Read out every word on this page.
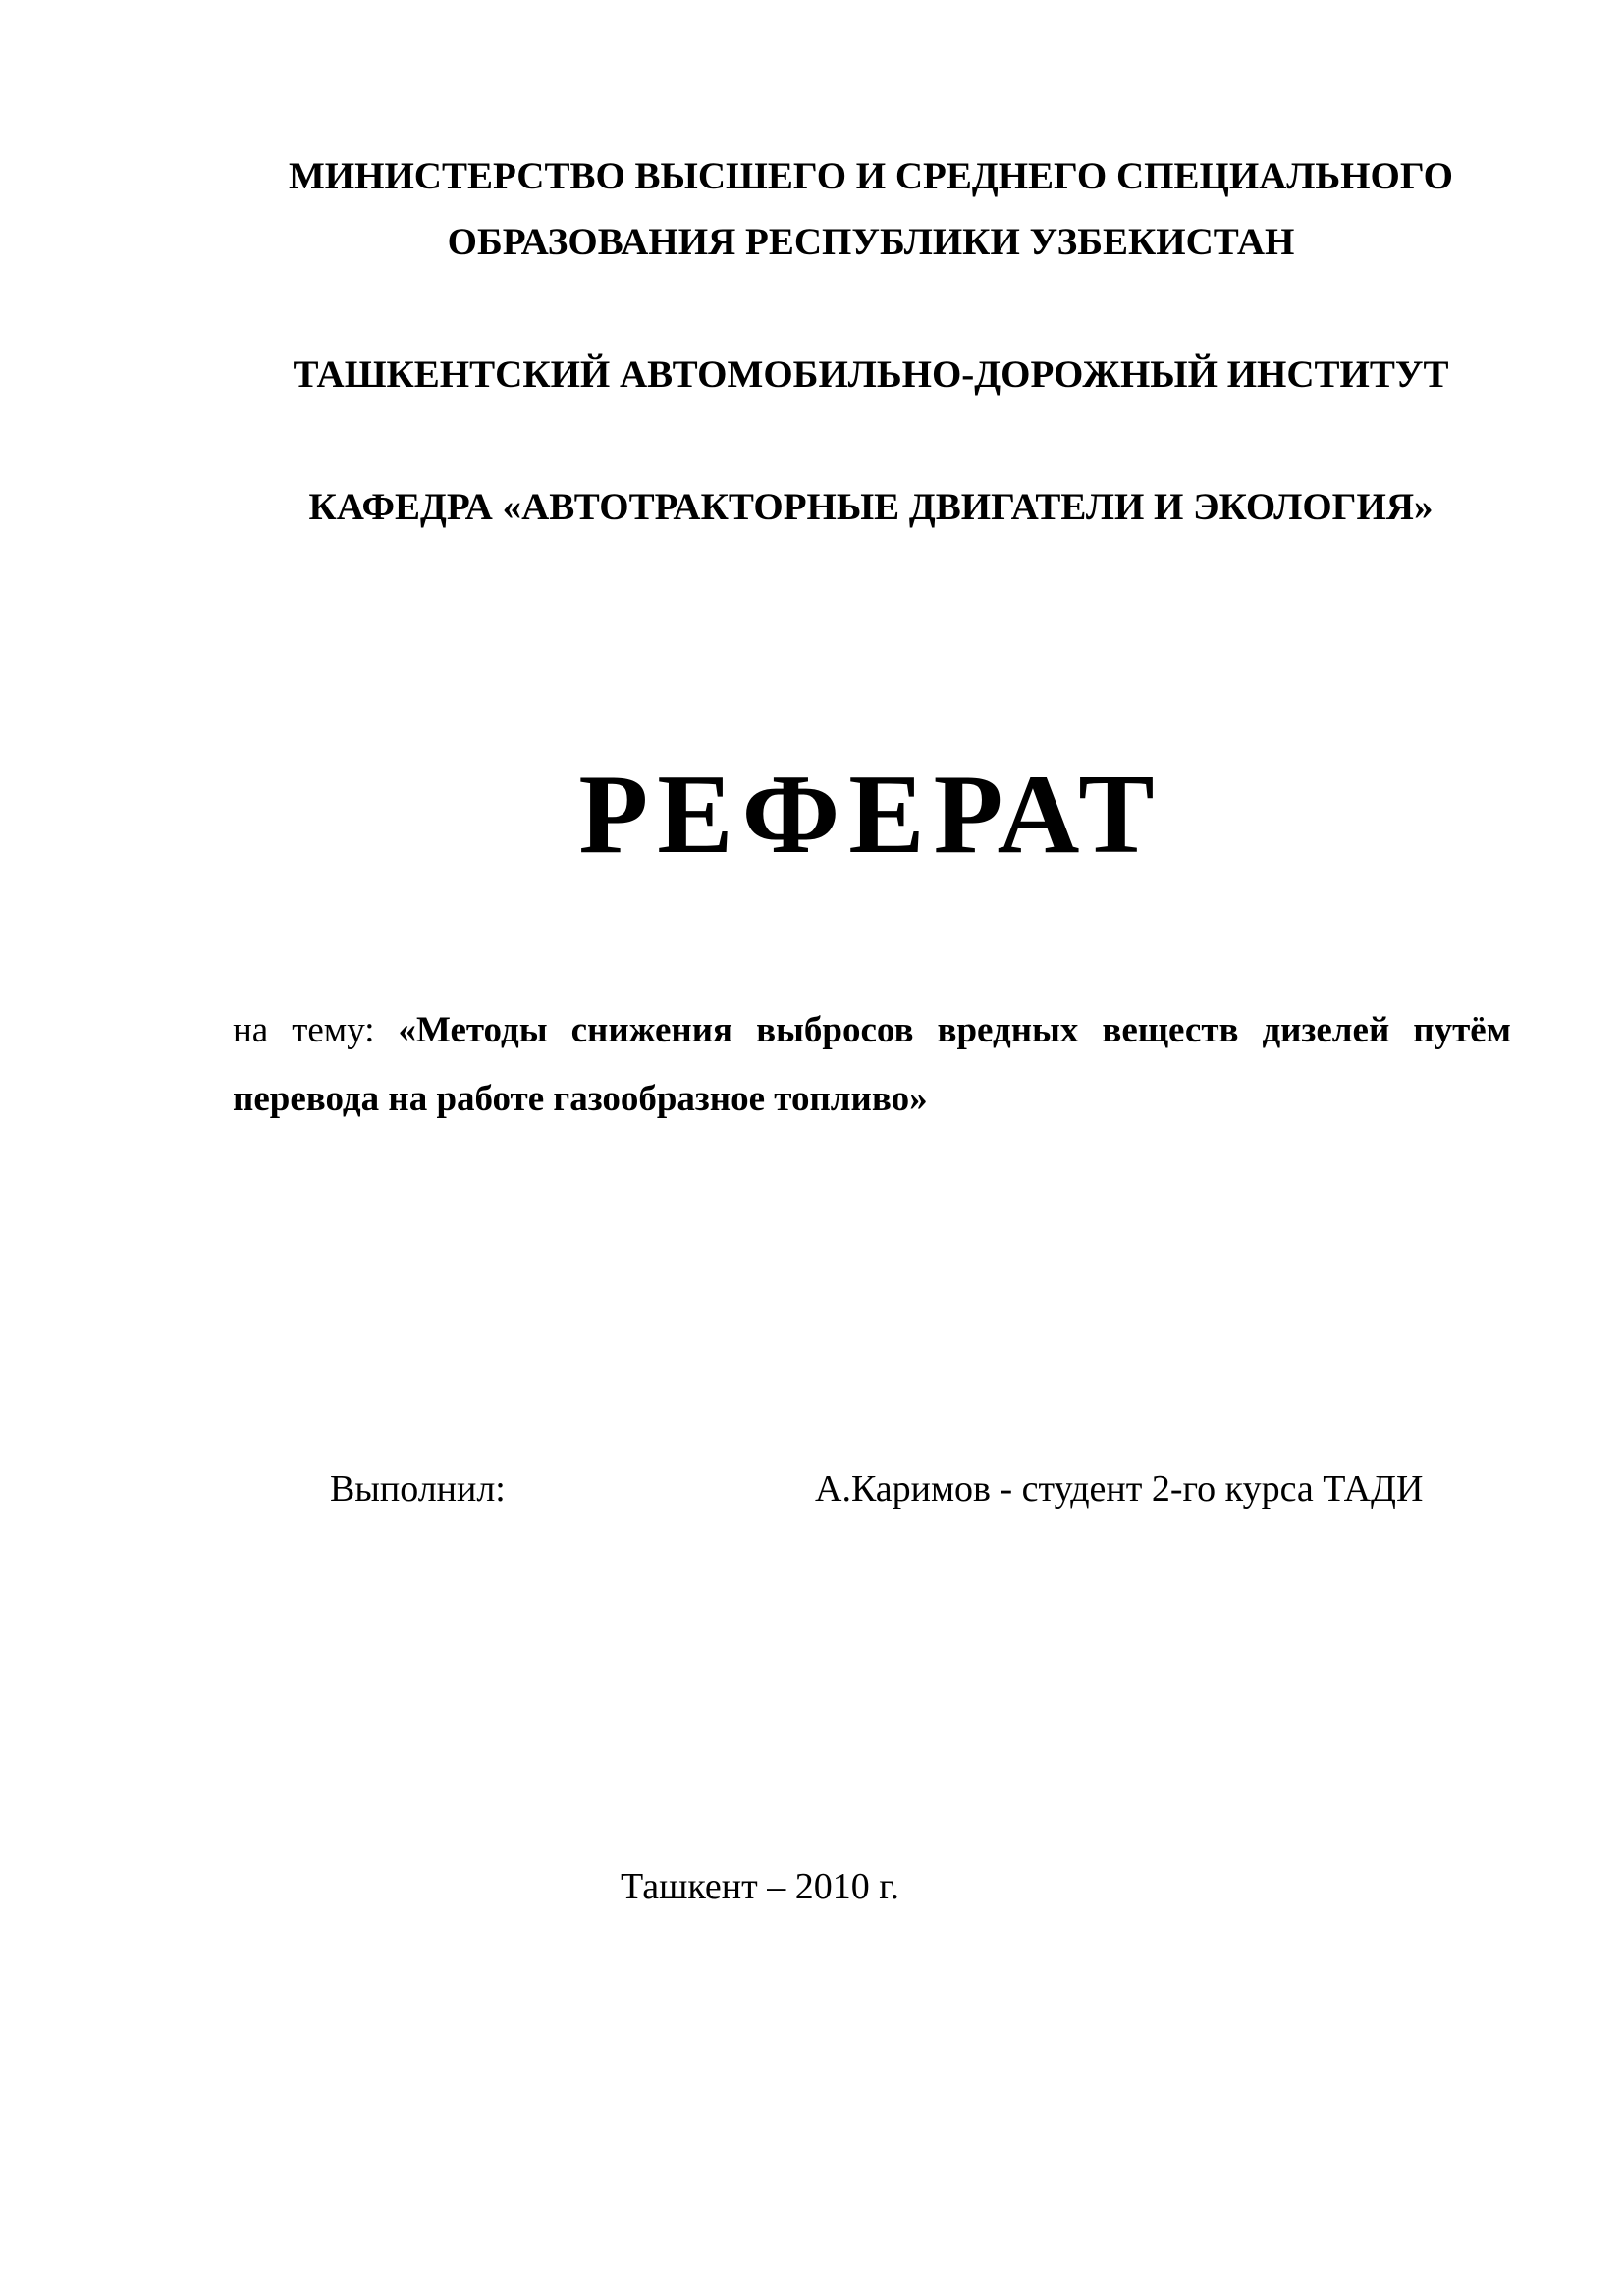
МИНИСТЕРСТВО ВЫСШЕГО И СРЕДНЕГО СПЕЦИАЛЬНОГО
ОБРАЗОВАНИЯ РЕСПУБЛИКИ УЗБЕКИСТАН
ТАШКЕНТСКИЙ АВТОМОБИЛЬНО-ДОРОЖНЫЙ ИНСТИТУТ
КАФЕДРА «АВТОТРАКТОРНЫЕ ДВИГАТЕЛИ И ЭКОЛОГИЯ»
РЕФЕРАТ
на тему: «Методы снижения выбросов вредных веществ дизелей путём
перевода на работе газообразное топливо»
Выполнил:	А.Каримов - студент 2-го курса ТАДИ
Ташкент – 2010 г.
